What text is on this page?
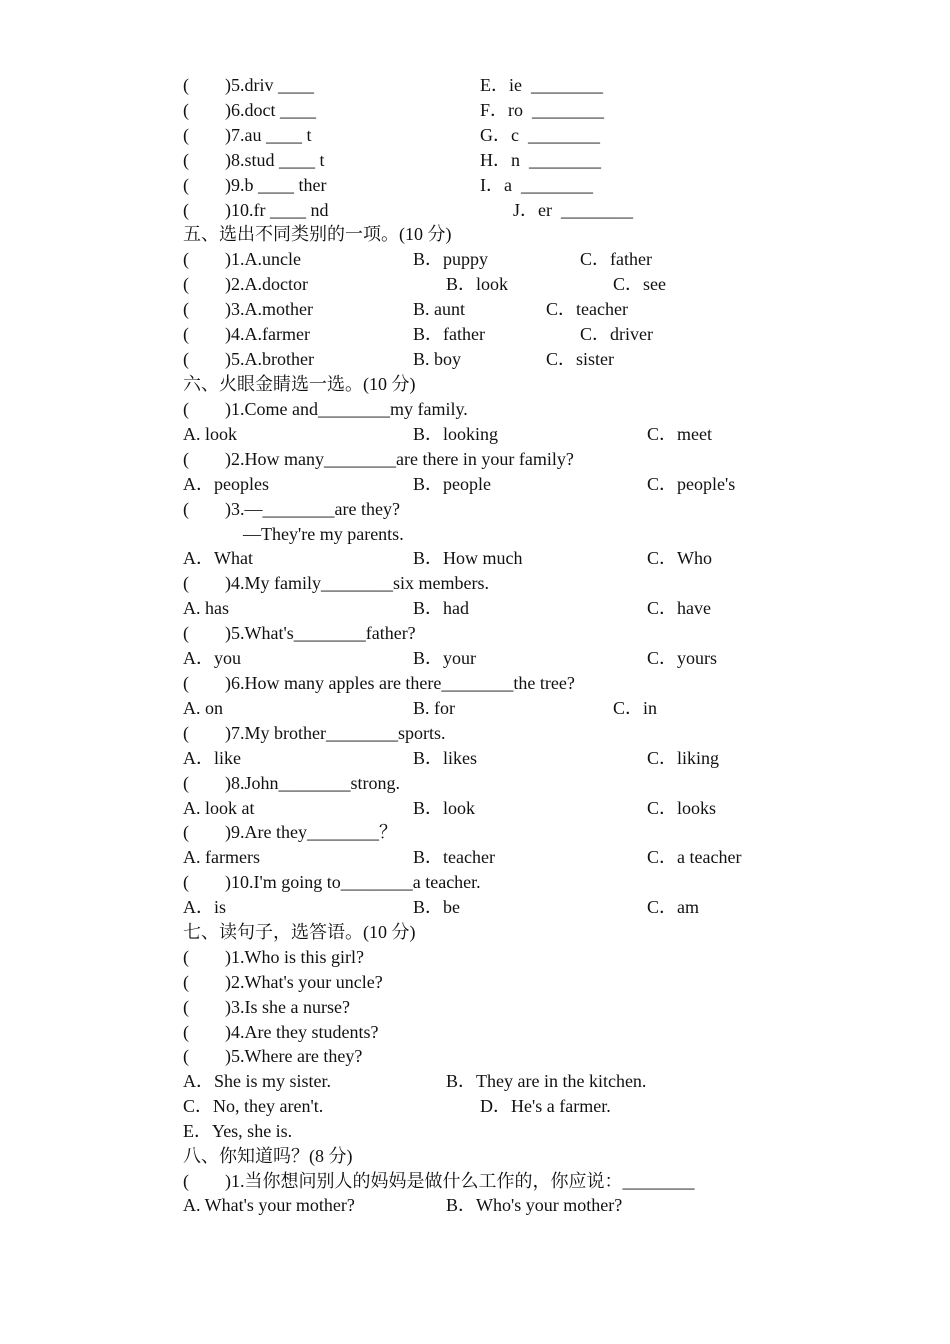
(        )5.driv ____	E．ie  ________
(        )6.doct ____	F．ro  ________
(        )7.au ____ t	G．c  ________
(        )8.stud ____ t	H．n  ________
(        )9.b ____ ther	I．a  ________
(        )10.fr ____ nd	J．er  ________
五、选出不同类别的一项。(10 分)
(        )1.A.uncle	B．puppy	C．father
(        )2.A.doctor	B．look	C．see
(        )3.A.mother	B. aunt	C．teacher
(        )4.A.farmer	B．father	C．driver
(        )5.A.brother	B. boy	C．sister
六、火眼金睛选一选。(10 分)
(        )1.Come and________my family.
A. look	B．looking	C．meet
(        )2.How many________are there in your family?
A．peoples	B．people	C．people's
(        )3.—________are they?
—They're my parents.
A．What	B．How much	C．Who
(        )4.My family________six members.
A. has	B．had	C．have
(        )5.What's________father?
A．you	B．your	C．yours
(        )6.How many apples are there________the tree?
A. on	B. for	C．in
(        )7.My brother________sports.
A．like	B．likes	C．liking
(        )8.John________strong.
A. look at	B．look	C．looks
(        )9.Are they________？
A. farmers	B．teacher	C．a teacher
(        )10.I'm going to________a teacher.
A．is	B．be	C．am
七、读句子，选答语。(10 分)
(        )1.Who is this girl?
(        )2.What's your uncle?
(        )3.Is she a nurse?
(        )4.Are they students?
(        )5.Where are they?
A．She is my sister.	B．They are in the kitchen.
C．No, they aren't.	D．He's a farmer.
E．Yes, she is.
八、你知道吗？(8 分)
(        )1.当你想问别人的妈妈是做什么工作的，你应说：________
A. What's your mother?	B．Who's your mother?
